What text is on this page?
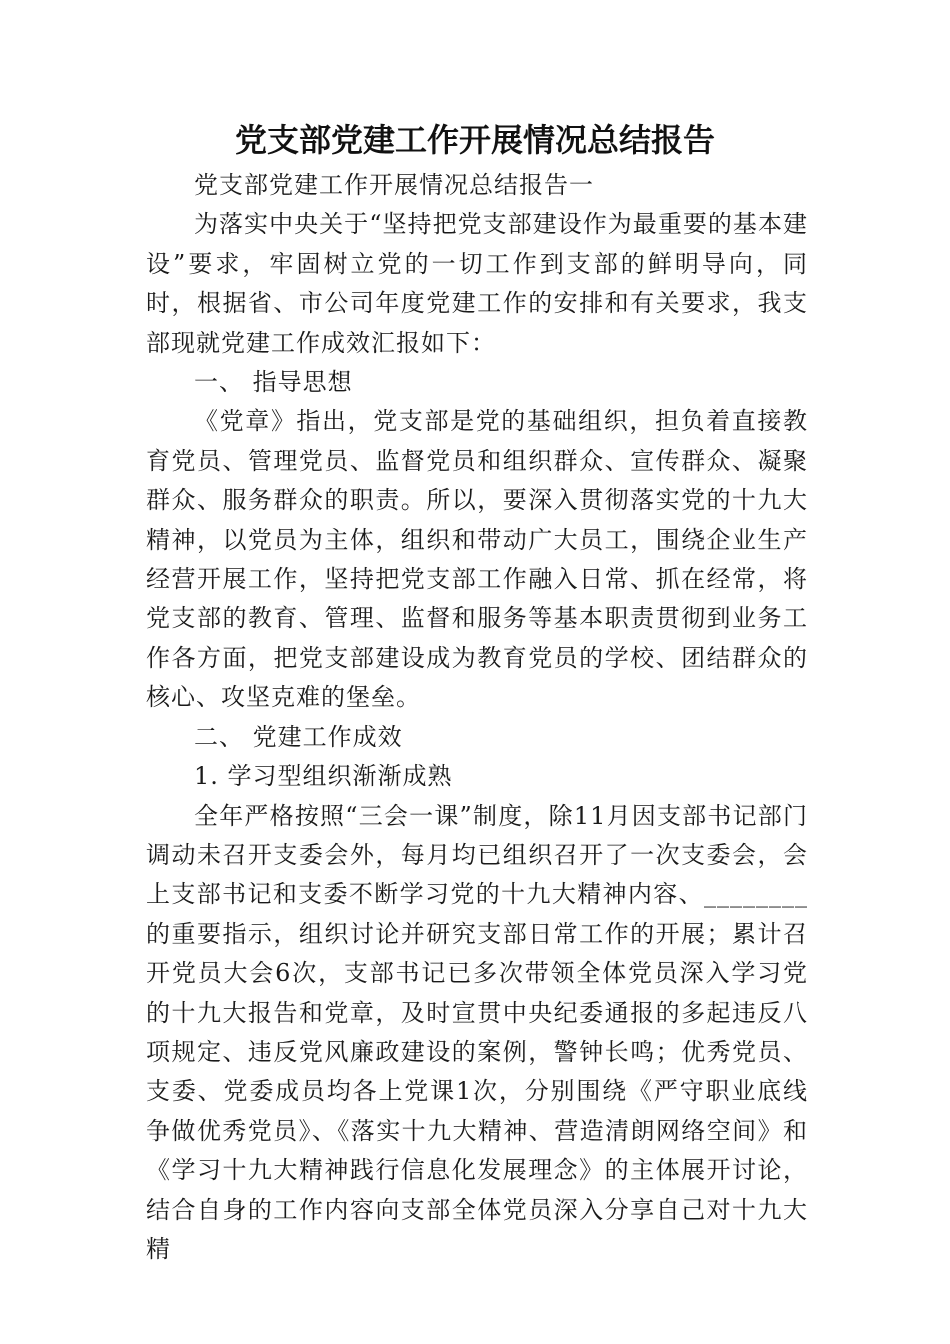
党支部党建工作开展情况总结报告

党支部党建工作开展情况总结报告一

为落实中央关于“坚持把党支部建设作为最重要的基本建设”要求，牢固树立党的一切工作到支部的鲜明导向，同时，根据省、市公司年度党建工作的安排和有关要求，我支部现就党建工作成效汇报如下：

一、 指导思想

《党章》指出，党支部是党的基础组织，担负着直接教育党员、管理党员、监督党员和组织群众、宣传群众、凝聚群众、服务群众的职责。所以，要深入贯彻落实党的十九大精神，以党员为主体，组织和带动广大员工，围绕企业生产经营开展工作，坚持把党支部工作融入日常、抓在经常，将党支部的教育、管理、监督和服务等基本职责贯彻到业务工作各方面，把党支部建设成为教育党员的学校、团结群众的核心、攻坚克难的堡垒。

二、 党建工作成效

1. 学习型组织渐渐成熟

全年严格按照“三会一课”制度，除11月因支部书记部门调动未召开支委会外，每月均已组织召开了一次支委会，会上支部书记和支委不断学习党的十九大精神内容、________的重要指示，组织讨论并研究支部日常工作的开展；累计召开党员大会6次，支部书记已多次带领全体党员深入学习党的十九大报告和党章，及时宣贯中央纪委通报的多起违反八项规定、违反党风廉政建设的案例，警钟长鸣；优秀党员、支委、党委成员均各上党课1次，分别围绕《严守职业底线争做优秀党员》、《落实十九大精神、营造清朗网络空间》和《学习十九大精神践行信息化发展理念》的主体展开讨论，结合自身的工作内容向支部全体党员深入分享自己对十九大精
